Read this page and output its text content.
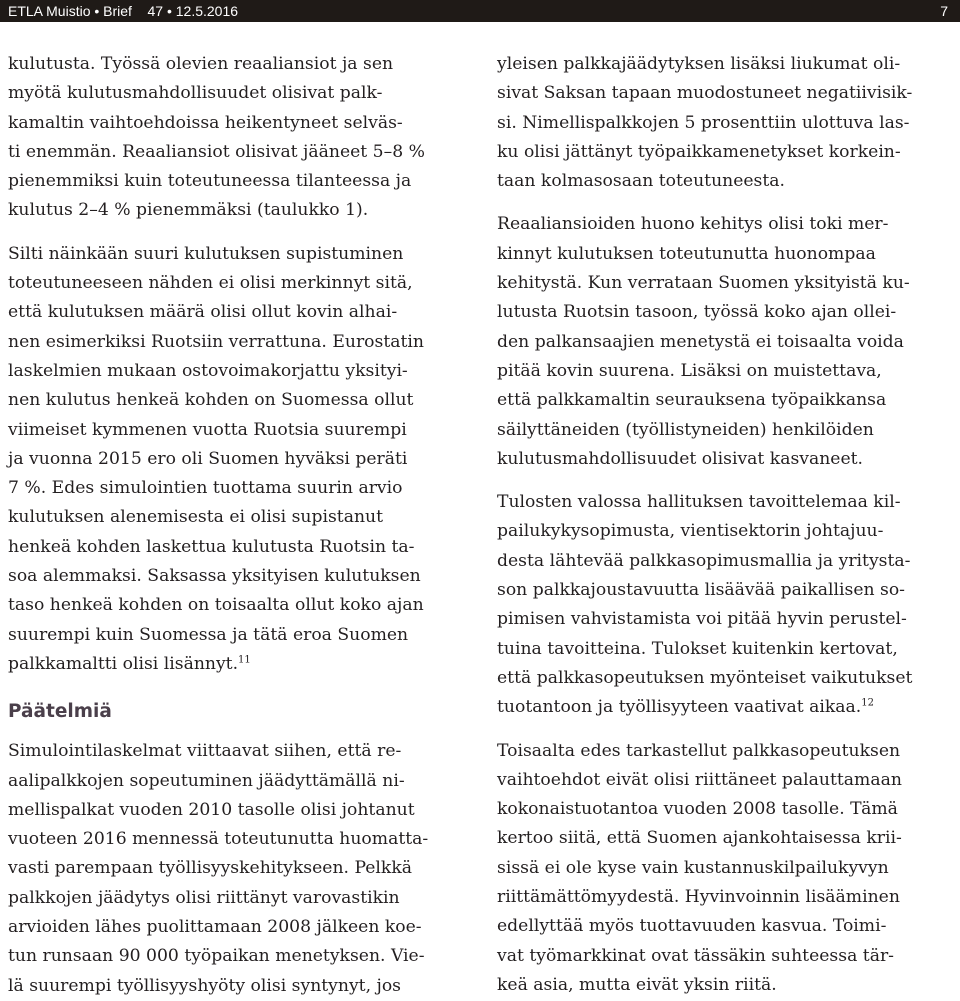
ETLA Muistio • Brief    47 • 12.5.2016	7
kulutusta. Työssä olevien reaaliansiot ja sen
myötä kulutusmahdollisuudet olisivat palk-
kamaltin vaihtoehdoissa heikentyneet selväs-
ti enemmän. Reaaliansiot olisivat jääneet 5–8 %
pienemmiksi kuin toteutuneessa tilanteessa ja
kulutus 2–4 % pienemmäksi (taulukko 1).
Silti näinkään suuri kulutuksen supistuminen
toteutuneeseen nähden ei olisi merkinnyt sitä,
että kulutuksen määrä olisi ollut kovin alhai-
nen esimerkiksi Ruotsiin verrattuna. Eurostatin
laskelmien mukaan ostovoimakorjattu yksityi-
nen kulutus henkeä kohden on Suomessa ollut
viimeiset kymmenen vuotta Ruotsia suurempi
ja vuonna 2015 ero oli Suomen hyväksi peräti
7 %. Edes simulointien tuottama suurin arvio
kulutuksen alenemisesta ei olisi supistanut
henkeä kohden laskettua kulutusta Ruotsin ta-
soa alemmaksi. Saksassa yksityisen kulutuksen
taso henkeä kohden on toisaalta ollut koko ajan
suurempi kuin Suomessa ja tätä eroa Suomen
palkkamaltti olisi lisännyt.$^{11}$
Päätelmiä
Simulointilaskelmat viittaavat siihen, että re-
aalipalkkojen sopeutuminen jäädyttämällä ni-
mellispalkat vuoden 2010 tasolle olisi johtanut
vuoteen 2016 mennessä toteutunutta huomatta-
vasti parempaan työllisyyskehitykseen. Pelkkä
palkkojen jäädytys olisi riittänyt varovastikin
arvioiden lähes puolittamaan 2008 jälkeen koe-
tun runsaan 90 000 työpaikan menetyksen. Vie-
lä suurempi työllisyyshyöty olisi syntynyt, jos
yleisen palkkajäädytyksen lisäksi liukumat oli-
sivat Saksan tapaan muodostuneet negatiivisik-
si. Nimellispalkkojen 5 prosenttiin ulottuva las-
ku olisi jättänyt työpaikkamenetykset korkein-
taan kolmasosaan toteutuneesta.
Reaaliansioiden huono kehitys olisi toki mer-
kinnyt kulutuksen toteutunutta huonompaa
kehitystä. Kun verrataan Suomen yksityistä ku-
lutusta Ruotsin tasoon, työssä koko ajan ollei-
den palkansaajien menetystä ei toisaalta voida
pitää kovin suurena. Lisäksi on muistettava,
että palkkamaltin seurauksena työpaikkansa
säilyttäneiden (työllistyneiden) henkilöiden
kulutusmahdollisuudet olisivat kasvaneet.
Tulosten valossa hallituksen tavoittelemaa kil-
pailukykysopimusta, vientisektorin johtajuu-
desta lähtevää palkkasopimusmallia ja yritysta-
son palkkajoustavuutta lisäävää paikallisen so-
pimisen vahvistamista voi pitää hyvin perustel-
tuina tavoitteina. Tulokset kuitenkin kertovat,
että palkkasopeutuksen myönteiset vaikutukset
tuotantoon ja työllisyyteen vaativat aikaa.$^{12}$
Toisaalta edes tarkastellut palkkasopeutuksen
vaihtoehdot eivät olisi riittäneet palauttamaan
kokonaistuotantoa vuoden 2008 tasolle. Tämä
kertoo siitä, että Suomen ajankohtaisessa krii-
sissä ei ole kyse vain kustannuskilpailukyvyn
riittämättömyydestä. Hyvinvoinnin lisääminen
edellyttää myös tuottavuuden kasvua. Toimi-
vat työmarkkinat ovat tässäkin suhteessa tär-
keä asia, mutta eivät yksin riitä.
